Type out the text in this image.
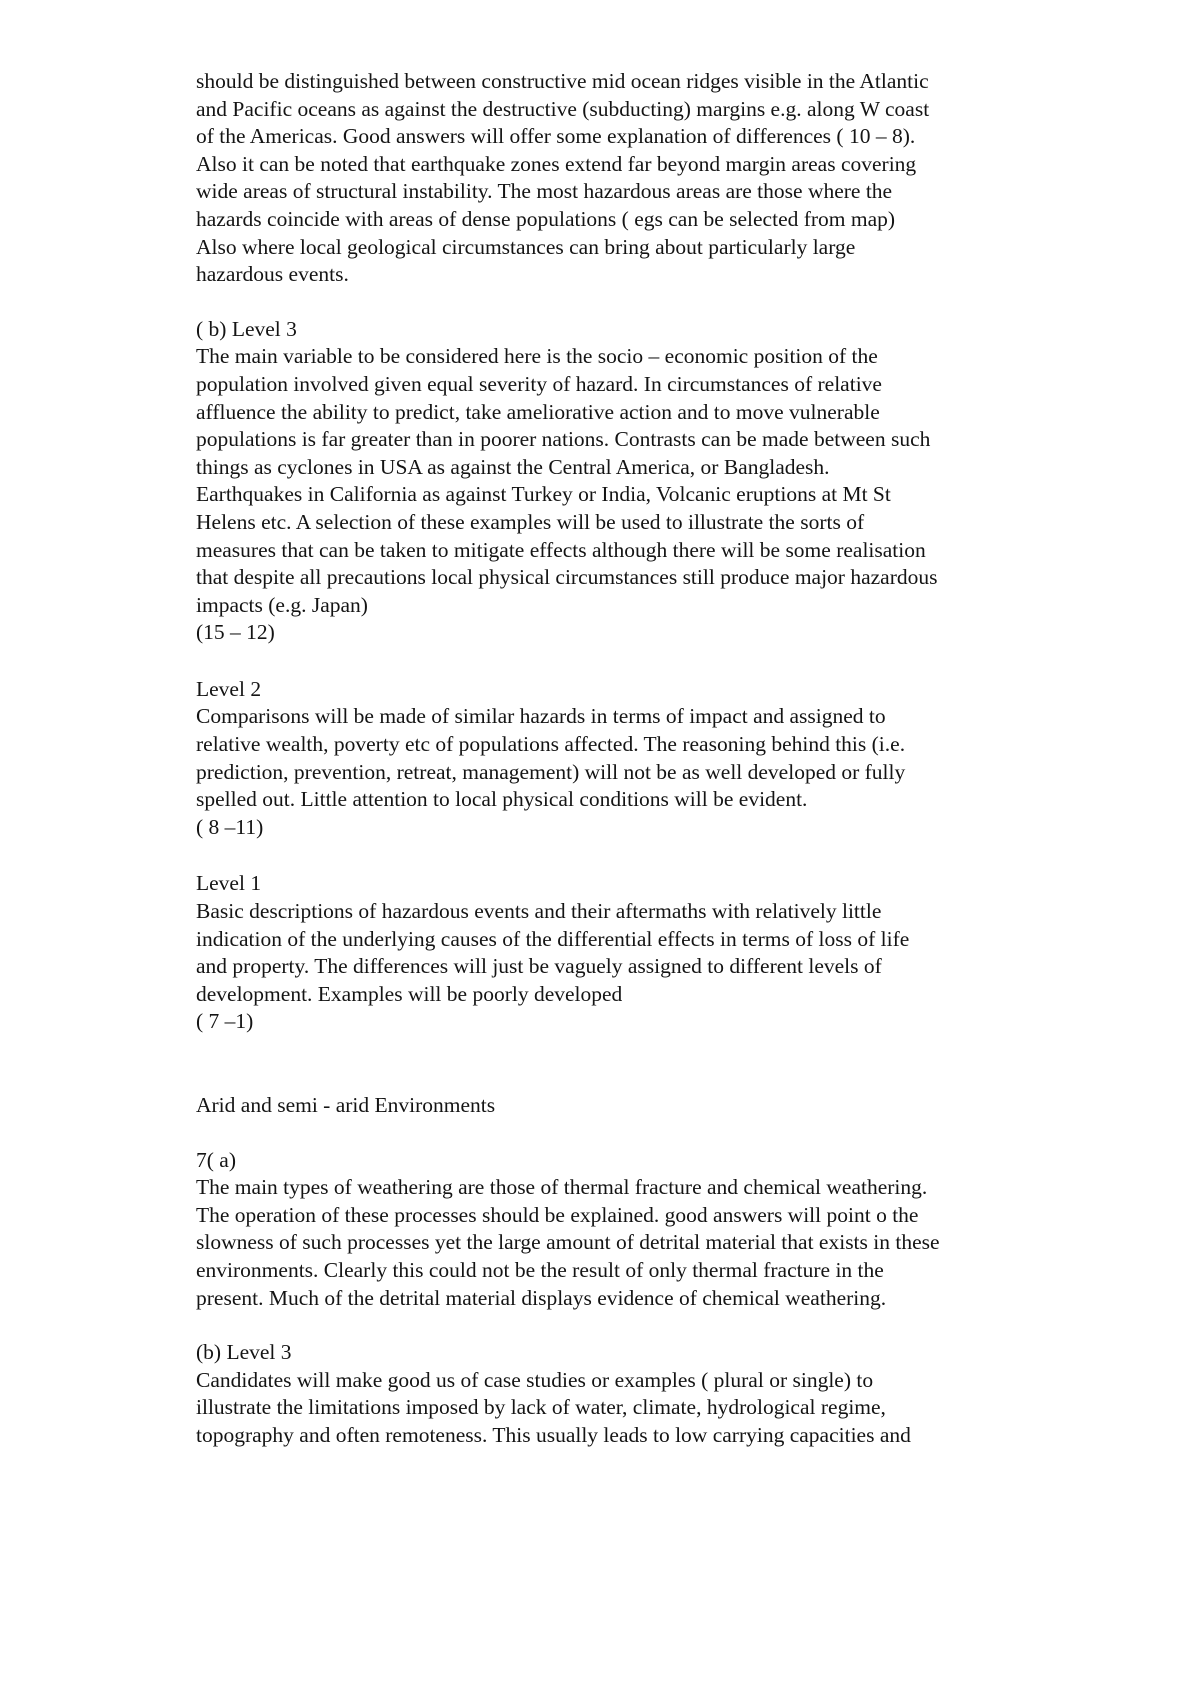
should be distinguished between constructive mid ocean ridges visible in the Atlantic
and Pacific oceans as against the destructive (subducting) margins e.g. along W coast
of the Americas. Good answers will offer some explanation of differences ( 10 – 8).
Also it can be noted that earthquake zones extend far beyond margin areas covering
wide areas of structural instability. The most hazardous areas are those where the
hazards coincide with areas of dense populations ( egs can be selected from map)
Also where local geological circumstances can bring about particularly large
hazardous events.
( b) Level 3
The main variable to be considered here is the socio – economic position of the
population involved given equal severity of hazard. In circumstances of relative
affluence the ability to predict, take ameliorative action and to move vulnerable
populations is far greater than in poorer nations. Contrasts can be made between such
things as cyclones in USA as against the Central America, or Bangladesh.
Earthquakes in California as against Turkey or India, Volcanic eruptions at Mt St
Helens etc. A selection of these examples will be used to illustrate the sorts of
measures that can be taken to mitigate effects although there will be some realisation
that despite all precautions local physical circumstances still produce major hazardous
impacts (e.g. Japan)
(15 – 12)
Level 2
Comparisons will be made of similar hazards in terms of impact and assigned to
relative wealth, poverty etc of populations affected. The reasoning behind this (i.e.
prediction, prevention, retreat, management) will not be as well developed or fully
spelled out. Little attention to local physical conditions will be evident.
( 8 –11)
Level 1
Basic descriptions of hazardous events and their aftermaths with relatively little
indication of the underlying causes of the differential effects in terms of loss of life
and property. The differences will just be vaguely assigned to different levels of
development. Examples will be poorly developed
( 7 –1)
Arid and semi - arid Environments
7( a)
The main types of weathering are those of thermal fracture and chemical weathering.
The operation of these processes should be explained. good answers will point o the
slowness of such processes yet the large amount of detrital material that exists in these
environments. Clearly this could not be the result of only thermal fracture in the
present. Much of the detrital material displays evidence of chemical weathering.
(b) Level 3
Candidates will make good us of case studies or examples ( plural or single) to
illustrate the limitations imposed by lack of water, climate, hydrological regime,
topography and often remoteness. This usually leads to low carrying capacities and
